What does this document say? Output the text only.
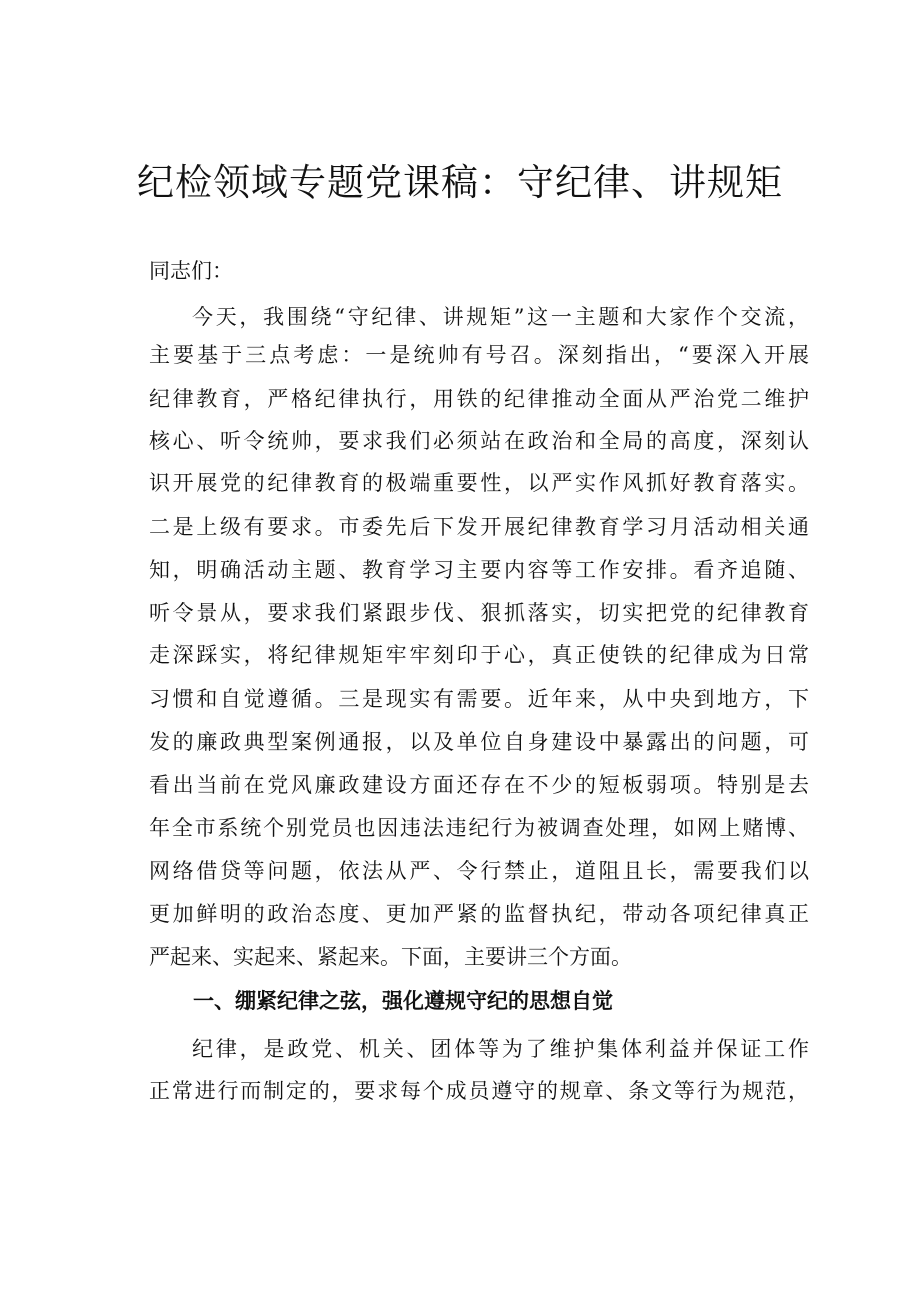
纪检领域专题党课稿：守纪律、讲规矩
同志们：
今天，我围绕“守纪律、讲规矩”这一主题和大家作个交流，
主要基于三点考虑：一是统帅有号召。深刻指出，“要深入开展
纪律教育，严格纪律执行，用铁的纪律推动全面从严治党二维护
核心、听令统帅，要求我们必须站在政治和全局的高度，深刻认
识开展党的纪律教育的极端重要性，以严实作风抓好教育落实。
二是上级有要求。市委先后下发开展纪律教育学习月活动相关通
知，明确活动主题、教育学习主要内容等工作安排。看齐追随、
听令景从，要求我们紧跟步伐、狠抓落实，切实把党的纪律教育
走深踩实，将纪律规矩牢牢刻印于心，真正使铁的纪律成为日常
习惯和自觉遵循。三是现实有需要。近年来，从中央到地方，下
发的廉政典型案例通报，以及单位自身建设中暴露出的问题，可
看出当前在党风廉政建设方面还存在不少的短板弱项。特别是去
年全市系统个别党员也因违法违纪行为被调查处理，如网上赌博、
网络借贷等问题，依法从严、令行禁止，道阻且长，需要我们以
更加鲜明的政治态度、更加严紧的监督执纪，带动各项纪律真正
严起来、实起来、紧起来。下面，主要讲三个方面。
一、绷紧纪律之弦，强化遵规守纪的思想自觉
纪律，是政党、机关、团体等为了维护集体利益并保证工作
正常进行而制定的，要求每个成员遵守的规章、条文等行为规范，
